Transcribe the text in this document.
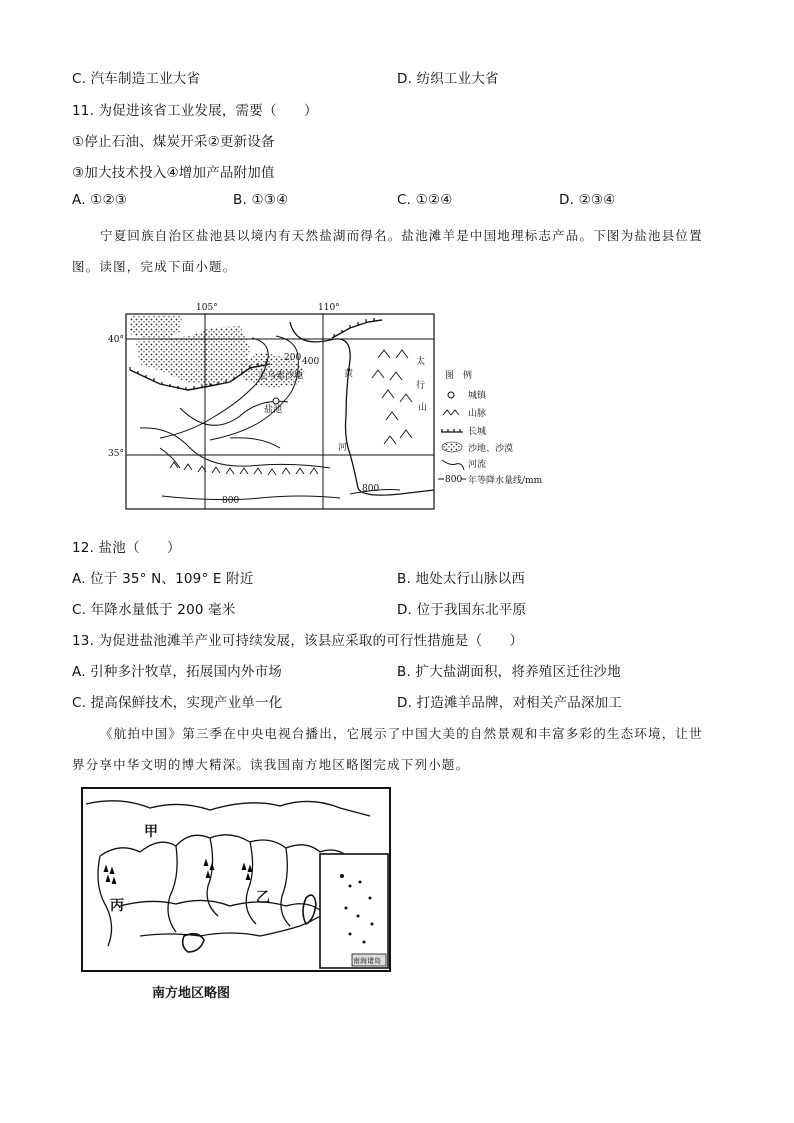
C. 汽车制造工业大省	D. 纺织工业大省
11. 为促进该省工业发展，需要（　　）
①停止石油、煤炭开采②更新设备
③加大技术投入④增加产品附加值
A. ①②③	B. ①③④	C. ①②④	D. ②③④
宁夏回族自治区盐池县以境内有天然盐湖而得名。盐池滩羊是中国地理标志产品。下图为盐池县位置
图。读图，完成下面小题。
105°	110°
40°
35°
毛乌素沙地
盐池
黄
河
太
行
山
200 400
800
800
图　例
城镇
山脉
长城
沙地、沙漠
河流
800 年等降水量线/mm
12. 盐池（　　）
A. 位于 35° N、109° E 附近	B. 地处太行山脉以西
C. 年降水量低于 200 毫米	D. 位于我国东北平原
13. 为促进盐池滩羊产业可持续发展，该县应采取的可行性措施是（　　）
A. 引种多汁牧草，拓展国内外市场	B. 扩大盐湖面积，将养殖区迁往沙地
C. 提高保鲜技术，实现产业单一化	D. 打造滩羊品牌，对相关产品深加工
《航拍中国》第三季在中央电视台播出，它展示了中国大美的自然景观和丰富多彩的生态环境，让世
界分享中华文明的博大精深。读我国南方地区略图完成下列小题。
南海诸岛
甲
乙
丙
南方地区略图
